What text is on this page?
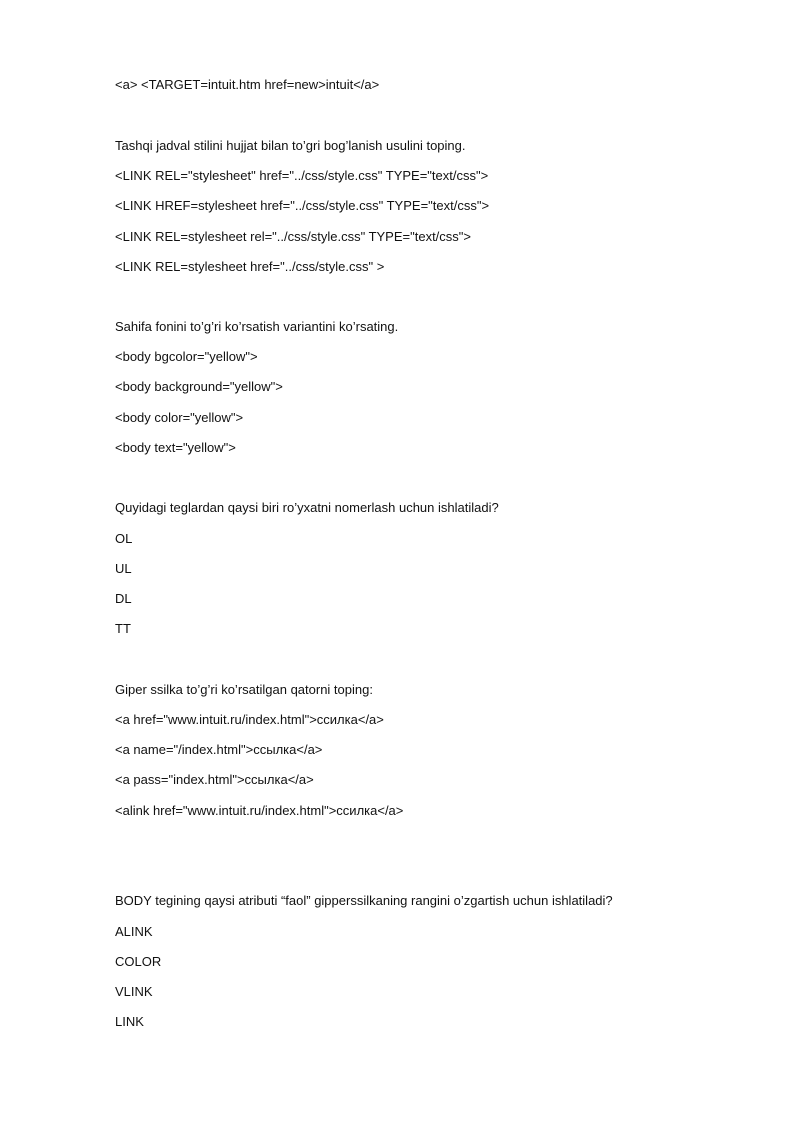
<a> <TARGET=intuit.htm href=new>intuit</a>
Tashqi jadval stilini hujjat bilan to’gri bog’lanish usulini toping.
<LINK REL="stylesheet" href="../css/style.css" TYPE="text/css">
<LINK HREF=stylesheet href="../css/style.css" TYPE="text/css">
<LINK REL=stylesheet rel="../css/style.css" TYPE="text/css">
<LINK REL=stylesheet href="../css/style.css" >
Sahifa fonini to’g’ri ko’rsatish variantini ko’rsating.
<body bgcolor="yellow">
<body background="yellow">
<body color="yellow">
<body text="yellow">
Quyidagi teglardan qaysi biri ro’yxatni nomerlash uchun ishlatiladi?
OL
UL
DL
TT
Giper ssilka to’g’ri ko’rsatilgan qatorni toping:
<a href="www.intuit.ru/index.html">ссилка</a>
<a name="/index.html">ссылка</a>
<a pass="index.html">ссылка</a>
<alink href="www.intuit.ru/index.html">ссилка</a>
BODY tegining qaysi atributi “faol” gipperssilkaning rangini o’zgartish uchun ishlatiladi?
ALINK
COLOR
VLINK
LINK
